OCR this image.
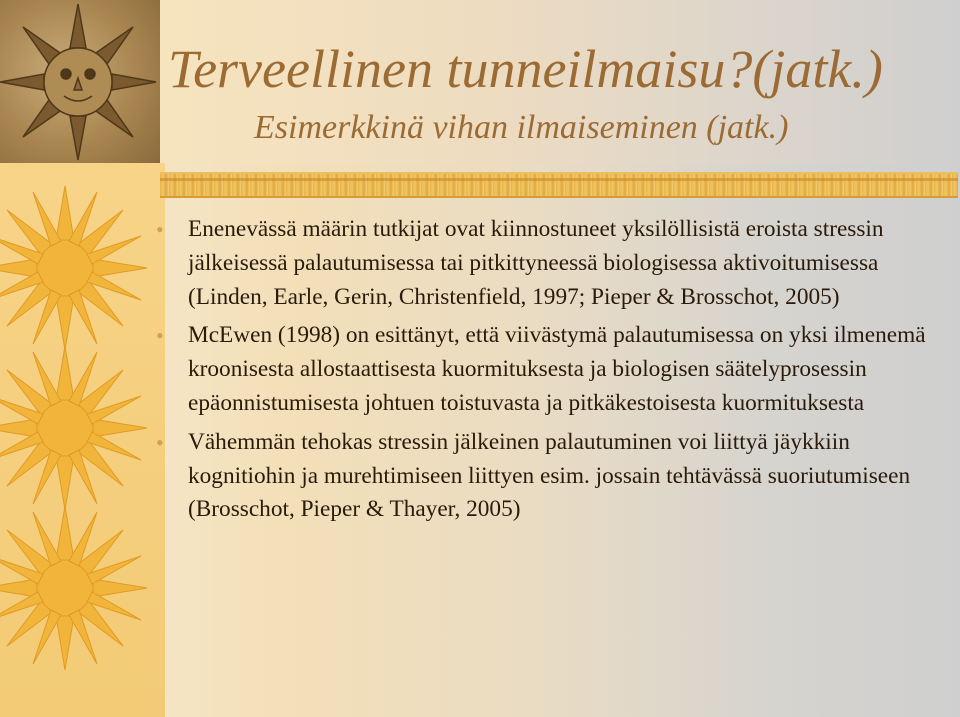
Terveellinen tunneilmaisu?(jatk.)
Esimerkkinä vihan ilmaiseminen (jatk.)
• Enenevässä määrin tutkijat ovat kiinnostuneet yksilöllisistä eroista stressin jälkeisessä palautumisessa tai pitkittyneessä biologisessa aktivoitumisessa (Linden, Earle, Gerin, Christenfield, 1997; Pieper & Brosschot, 2005)
• McEwen (1998) on esittänyt, että viivästymä palautumisessa on yksi ilmenemä kroonisesta allostaattisesta kuormituksesta ja biologisen säätelyprosessin epäonnistumisesta johtuen toistuvasta ja pitkäkestoisesta kuormituksesta
• Vähemmän tehokas stressin jälkeinen palautuminen voi liittyä jäykkiin kognitiohin ja murehtimiseen liittyen esim. jossain tehtävässä suoriutumiseen (Brosschot, Pieper & Thayer, 2005)
